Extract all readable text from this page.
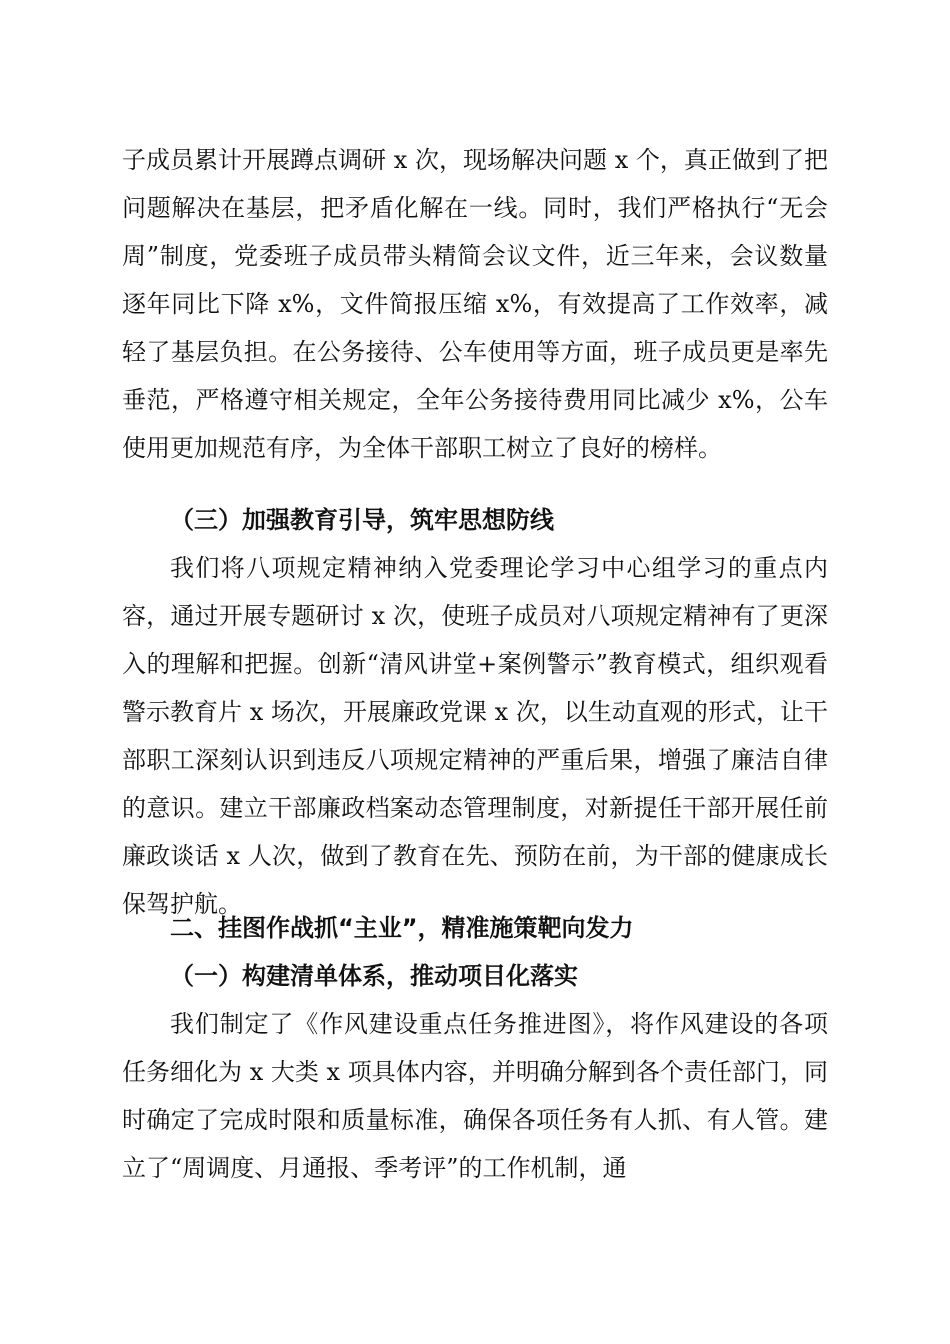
子成员累计开展蹲点调研 x 次，现场解决问题 x 个，真正做到了把问题解决在基层，把矛盾化解在一线。同时，我们严格执行“无会周”制度，党委班子成员带头精简会议文件，近三年来，会议数量逐年同比下降 x%，文件简报压缩 x%，有效提高了工作效率，减轻了基层负担。在公务接待、公车使用等方面，班子成员更是率先垂范，严格遵守相关规定，全年公务接待费用同比减少 x%，公车使用更加规范有序，为全体干部职工树立了良好的榜样。
（三）加强教育引导，筑牢思想防线
我们将八项规定精神纳入党委理论学习中心组学习的重点内容，通过开展专题研讨 x 次，使班子成员对八项规定精神有了更深入的理解和把握。创新“清风讲堂+案例警示”教育模式，组织观看警示教育片 x 场次，开展廉政党课 x 次，以生动直观的形式，让干部职工深刻认识到违反八项规定精神的严重后果，增强了廉洁自律的意识。建立干部廉政档案动态管理制度，对新提任干部开展任前廉政谈话 x 人次，做到了教育在先、预防在前，为干部的健康成长保驾护航。
二、挂图作战抓“主业”，精准施策靶向发力
（一）构建清单体系，推动项目化落实
我们制定了《作风建设重点任务推进图》，将作风建设的各项任务细化为 x 大类 x 项具体内容，并明确分解到各个责任部门，同时确定了完成时限和质量标准，确保各项任务有人抓、有人管。建立了“周调度、月通报、季考评”的工作机制，通
